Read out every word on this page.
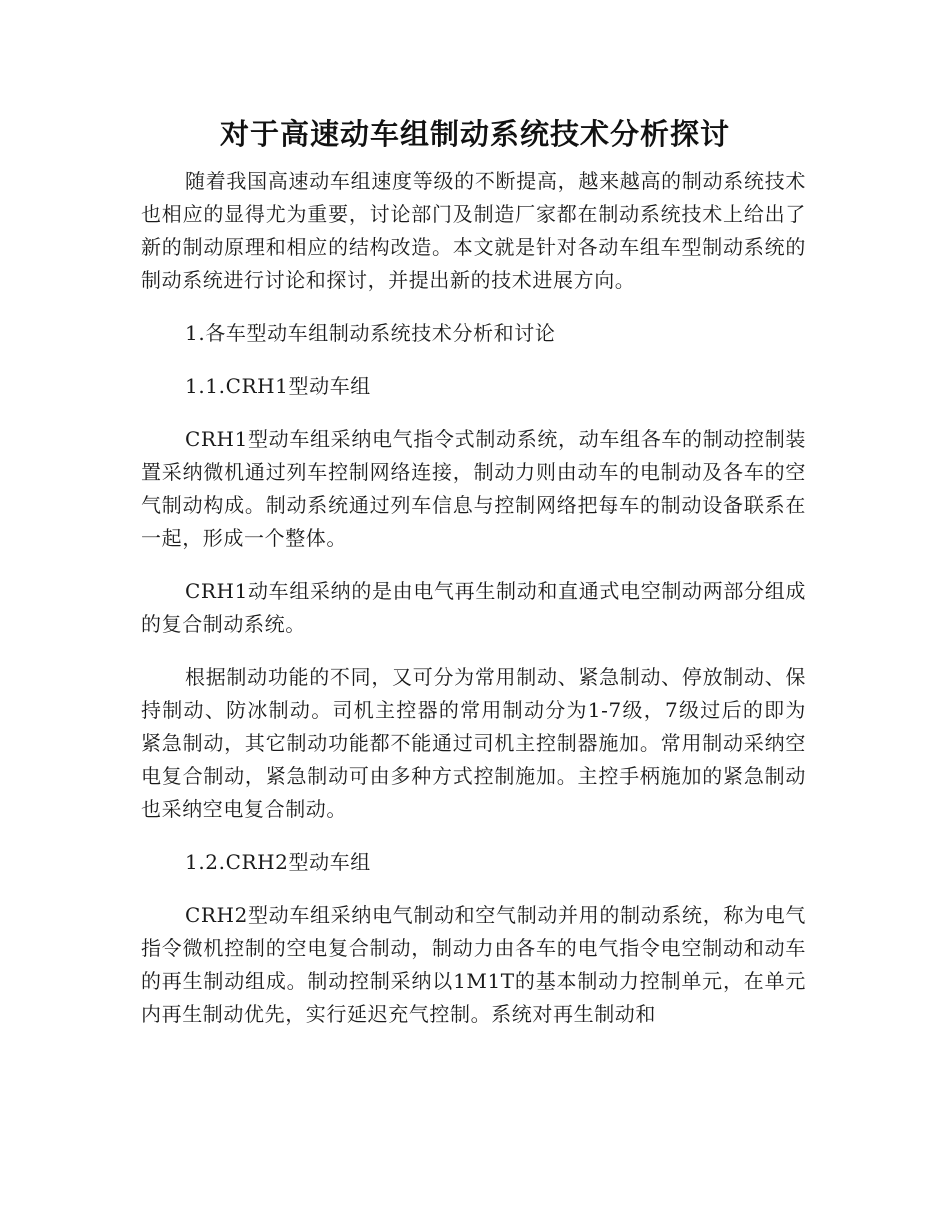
对于高速动车组制动系统技术分析探讨

随着我国高速动车组速度等级的不断提高，越来越高的制动系统技术也相应的显得尤为重要，讨论部门及制造厂家都在制动系统技术上给出了新的制动原理和相应的结构改造。本文就是针对各动车组车型制动系统的制动系统进行讨论和探讨，并提出新的技术进展方向。

1.各车型动车组制动系统技术分析和讨论

1.1.CRH1型动车组

CRH1型动车组采纳电气指令式制动系统，动车组各车的制动控制装置采纳微机通过列车控制网络连接，制动力则由动车的电制动及各车的空气制动构成。制动系统通过列车信息与控制网络把每车的制动设备联系在一起，形成一个整体。

CRH1动车组采纳的是由电气再生制动和直通式电空制动两部分组成的复合制动系统。

根据制动功能的不同，又可分为常用制动、紧急制动、停放制动、保持制动、防冰制动。司机主控器的常用制动分为1-7级，7级过后的即为紧急制动，其它制动功能都不能通过司机主控制器施加。常用制动采纳空电复合制动，紧急制动可由多种方式控制施加。主控手柄施加的紧急制动也采纳空电复合制动。

1.2.CRH2型动车组

CRH2型动车组采纳电气制动和空气制动并用的制动系统，称为电气指令微机控制的空电复合制动，制动力由各车的电气指令电空制动和动车的再生制动组成。制动控制采纳以1M1T的基本制动力控制单元，在单元内再生制动优先，实行延迟充气控制。系统对再生制动和
